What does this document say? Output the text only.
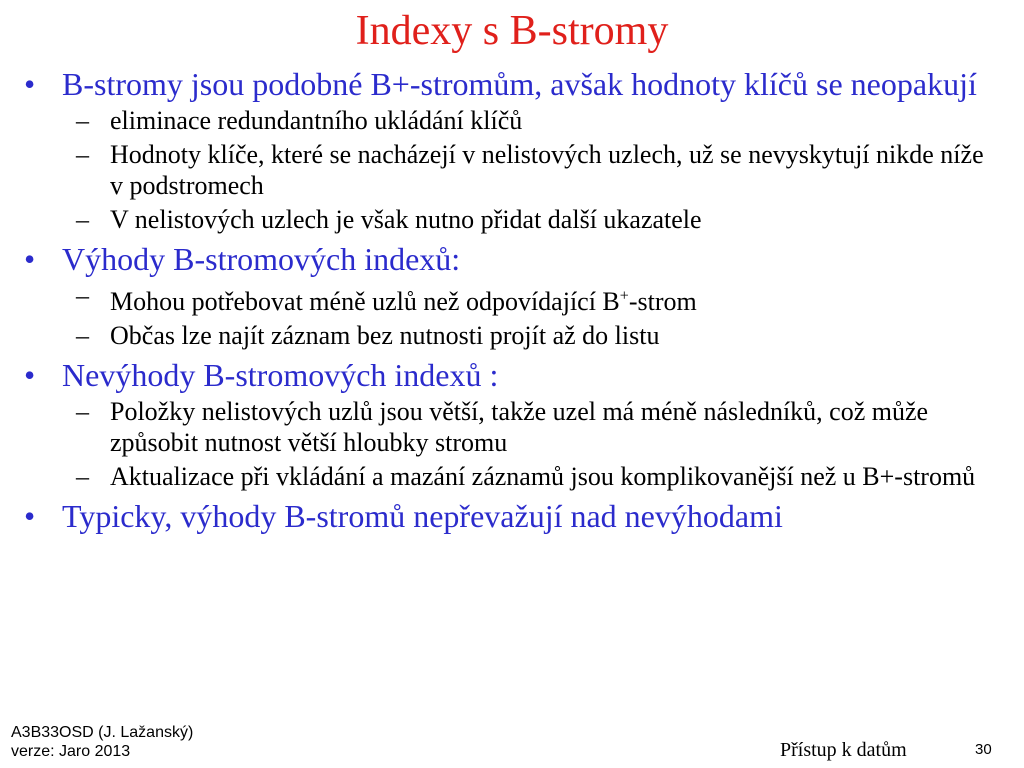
Indexy s B-stromy
• B-stromy jsou podobné B+-stromům, avšak hodnoty klíčů se neopakují
– eliminace redundantního ukládání klíčů
– Hodnoty klíče, které se nacházejí v nelistových uzlech, už se nevyskytují nikde níže v podstromech
– V nelistových uzlech je však nutno přidat další ukazatele
• Výhody B-stromových indexů:
– Mohou potřebovat méně uzlů než odpovídající B+-strom
– Občas lze najít záznam bez nutnosti projít až do listu
• Nevýhody B-stromových indexů :
– Položky nelistových uzlů jsou větší, takže uzel má méně následníků, což může způsobit nutnost větší hloubky stromu
– Aktualizace při vkládání a mazání záznamů jsou komplikovanější než u B+-stromů
• Typicky, výhody B-stromů nepřevažují nad nevýhodami
A3B33OSD (J. Lažanský)
verze: Jaro 2013	Přístup k datům	30
